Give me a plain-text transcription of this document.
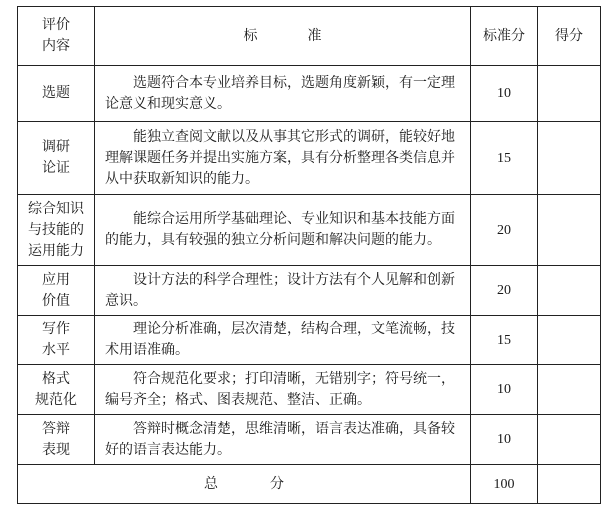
评价
内容	标 准	标准分	得分

选题	选题符合本专业培养目标，选题角度新颖，有一定理论意义和现实意义。	10	

调研
论证	能独立查阅文献以及从事其它形式的调研，能较好地理解课题任务并提出实施方案，具有分析整理各类信息并从中获取新知识的能力。	15	

综合知识
与技能的
运用能力	能综合运用所学基础理论、专业知识和基本技能方面的能力，具有较强的独立分析问题和解决问题的能力。	20	

应用
价值	设计方法的科学合理性；设计方法有个人见解和创新意识。	20	

写作
水平	理论分析准确，层次清楚，结构合理，文笔流畅，技术用语准确。	15	

格式
规范化	符合规范化要求；打印清晰，无错别字；符号统一，编号齐全；格式、图表规范、整洁、正确。	10	

答辩
表现	答辩时概念清楚，思维清晰，语言表达准确，具备较好的语言表达能力。	10	
总 分		100	
